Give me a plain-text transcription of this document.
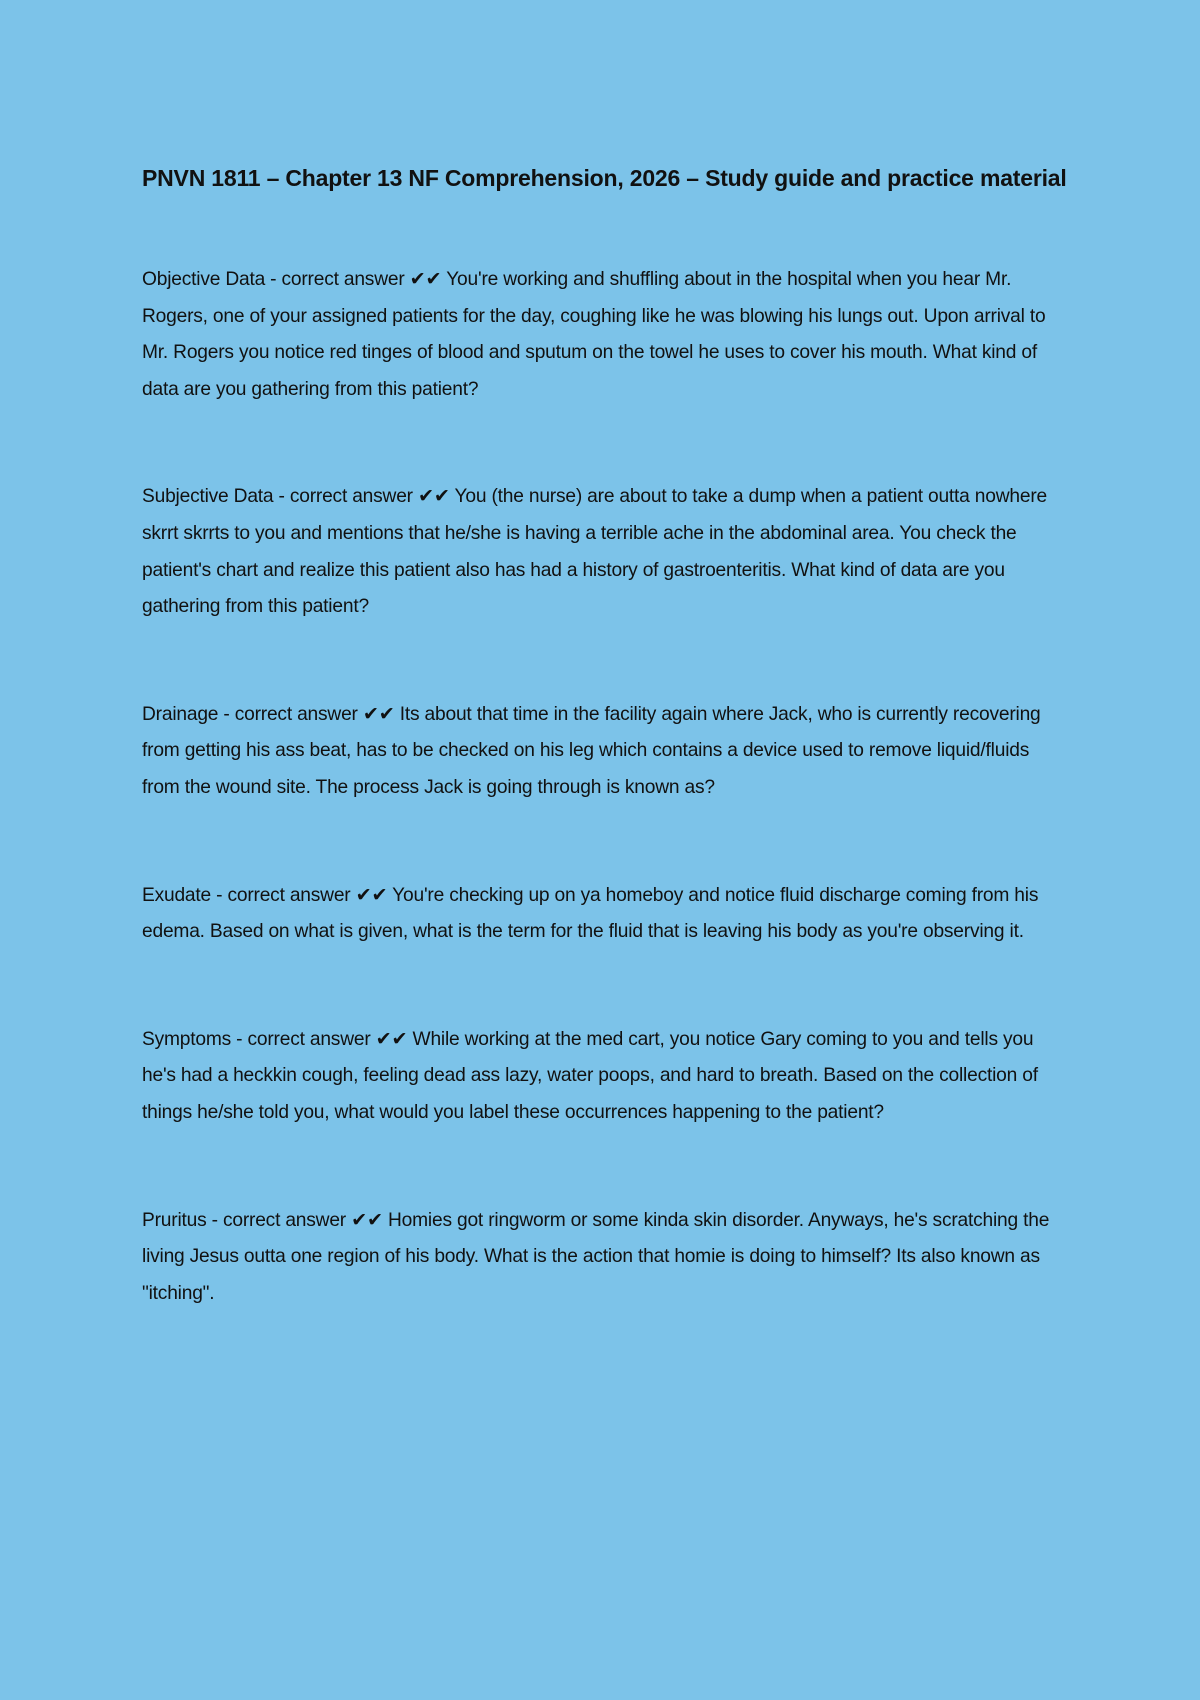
PNVN 1811 – Chapter 13 NF Comprehension, 2026 – Study guide and practice material

Objective Data - correct answer ✔✔ You're working and shuffling about in the hospital when you hear Mr. Rogers, one of your assigned patients for the day, coughing like he was blowing his lungs out. Upon arrival to Mr. Rogers you notice red tinges of blood and sputum on the towel he uses to cover his mouth. What kind of data are you gathering from this patient?

Subjective Data - correct answer ✔✔ You (the nurse) are about to take a dump when a patient outta nowhere skrrt skrrts to you and mentions that he/she is having a terrible ache in the abdominal area. You check the patient's chart and realize this patient also has had a history of gastroenteritis. What kind of data are you gathering from this patient?

Drainage - correct answer ✔✔ Its about that time in the facility again where Jack, who is currently recovering from getting his ass beat, has to be checked on his leg which contains a device used to remove liquid/fluids from the wound site. The process Jack is going through is known as?

Exudate - correct answer ✔✔ You're checking up on ya homeboy and notice fluid discharge coming from his edema. Based on what is given, what is the term for the fluid that is leaving his body as you're observing it.

Symptoms - correct answer ✔✔ While working at the med cart, you notice Gary coming to you and tells you he's had a heckkin cough, feeling dead ass lazy, water poops, and hard to breath. Based on the collection of things he/she told you, what would you label these occurrences happening to the patient?

Pruritus - correct answer ✔✔ Homies got ringworm or some kinda skin disorder. Anyways, he's scratching the living Jesus outta one region of his body. What is the action that homie is doing to himself? Its also known as "itching".
